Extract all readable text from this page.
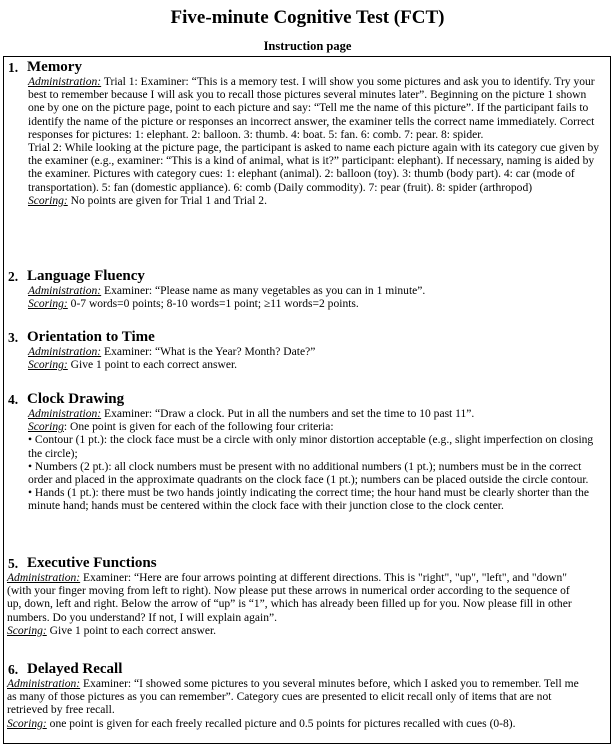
Five-minute Cognitive Test (FCT)
Instruction page
1. Memory

Administration: Trial 1: Examiner: “This is a memory test. I will show you some pictures and ask you to identify. Try your best to remember because I will ask you to recall those pictures several minutes later”. Beginning on the picture 1 shown one by one on the picture page, point to each picture and say: “Tell me the name of this picture”. If the participant fails to identify the name of the picture or responses an incorrect answer, the examiner tells the correct name immediately. Correct responses for pictures: 1: elephant. 2: balloon. 3: thumb. 4: boat. 5: fan. 6: comb. 7: pear. 8: spider.

Trial 2: While looking at the picture page, the participant is asked to name each picture again with its category cue given by the examiner (e.g., examiner: “This is a kind of animal, what is it?” participant: elephant). If necessary, naming is aided by the examiner. Pictures with category cues: 1: elephant (animal). 2: balloon (toy). 3: thumb (body part). 4: car (mode of transportation). 5: fan (domestic appliance). 6: comb (Daily commodity). 7: pear (fruit). 8: spider (arthropod)

Scoring: No points are given for Trial 1 and Trial 2.

2. Language Fluency

Administration: Examiner: “Please name as many vegetables as you can in 1 minute”.

Scoring: 0-7 words=0 points; 8-10 words=1 point; ≥11 words=2 points.

3. Orientation to Time

Administration: Examiner: “What is the Year? Month? Date?”

Scoring: Give 1 point to each correct answer.

4. Clock Drawing

Administration: Examiner: “Draw a clock. Put in all the numbers and set the time to 10 past 11”.

Scoring: One point is given for each of the following four criteria:

• Contour (1 pt.): the clock face must be a circle with only minor distortion acceptable (e.g., slight imperfection on closing the circle);

• Numbers (2 pt.): all clock numbers must be present with no additional numbers (1 pt.); numbers must be in the correct order and placed in the approximate quadrants on the clock face (1 pt.); numbers can be placed outside the circle contour.

• Hands (1 pt.): there must be two hands jointly indicating the correct time; the hour hand must be clearly shorter than the minute hand; hands must be centered within the clock face with their junction close to the clock center.

5. Executive Functions

Administration: Examiner: “Here are four arrows pointing at different directions. This is "right", "up", "left", and "down" (with your finger moving from left to right). Now please put these arrows in numerical order according to the sequence of up, down, left and right. Below the arrow of “up” is “1”, which has already been filled up for you. Now please fill in other numbers. Do you understand? If not, I will explain again”.

Scoring: Give 1 point to each correct answer.

6. Delayed Recall

Administration: Examiner: “I showed some pictures to you several minutes before, which I asked you to remember. Tell me as many of those pictures as you can remember”. Category cues are presented to elicit recall only of items that are not retrieved by free recall.

Scoring: one point is given for each freely recalled picture and 0.5 points for pictures recalled with cues (0-8).
